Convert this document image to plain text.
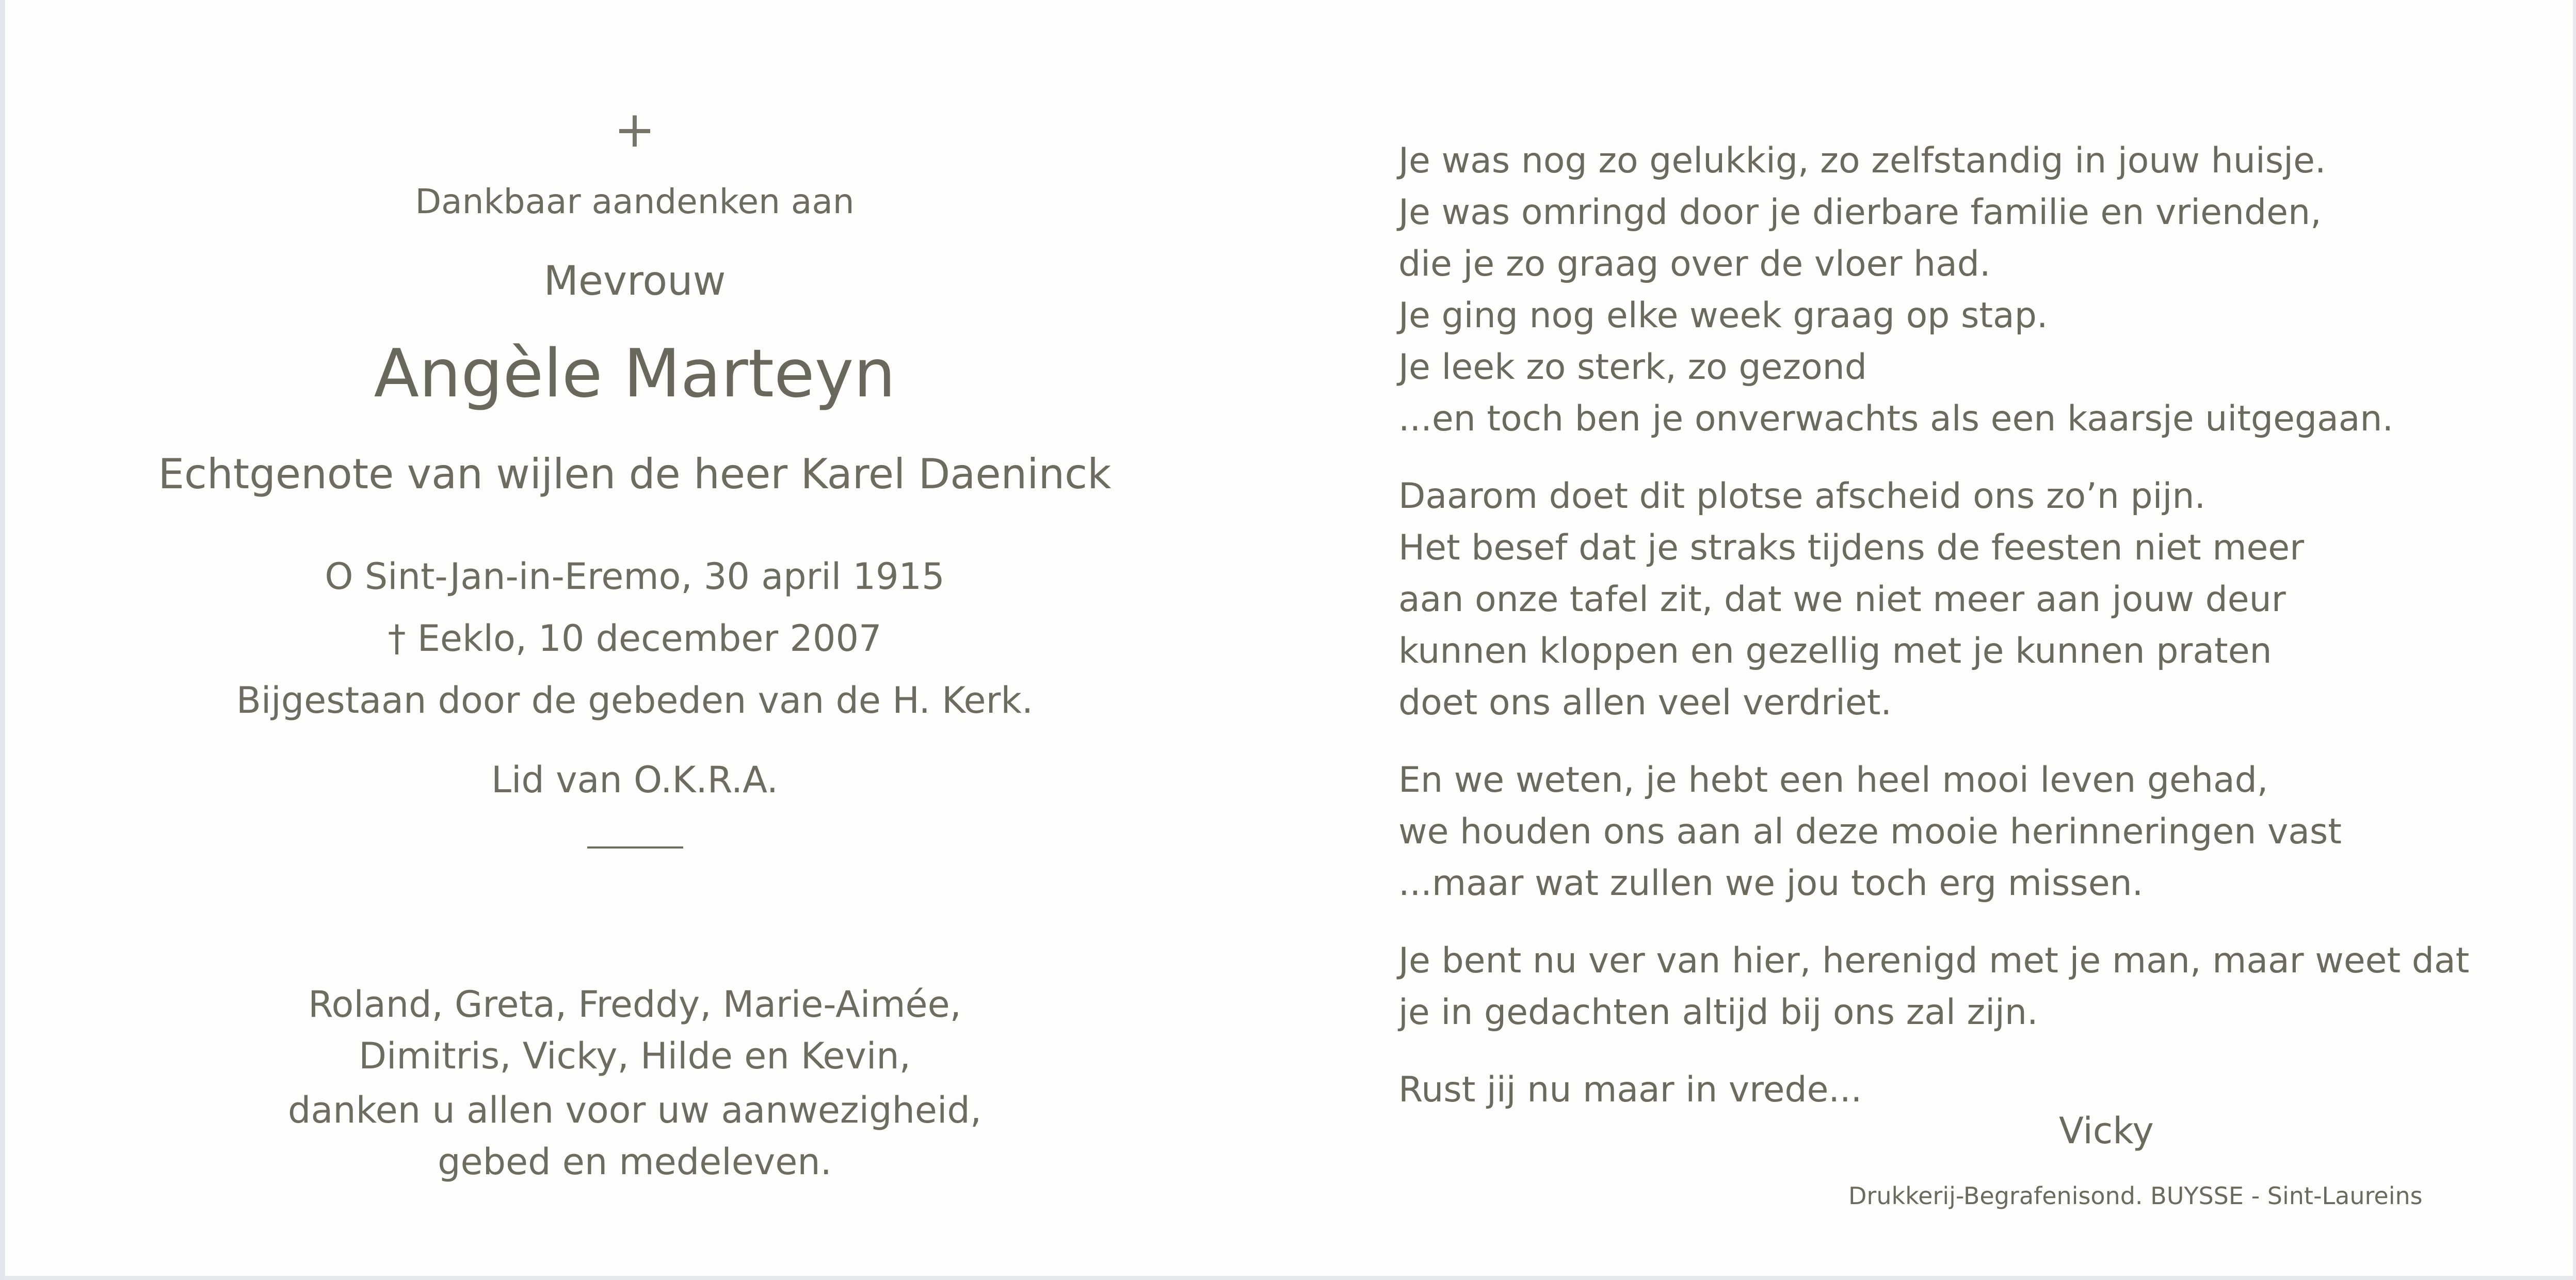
+
Dankbaar aandenken aan
Mevrouw
Angèle Marteyn
Echtgenote van wijlen de heer Karel Daeninck
O Sint-Jan-in-Eremo, 30 april 1915
† Eeklo, 10 december 2007
Bijgestaan door de gebeden van de H. Kerk.
Lid van O.K.R.A.
Roland, Greta, Freddy, Marie-Aimée,
Dimitris, Vicky, Hilde en Kevin,
danken u allen voor uw aanwezigheid,
gebed en medeleven.
Je was nog zo gelukkig, zo zelfstandig in jouw huisje.
Je was omringd door je dierbare familie en vrienden,
die je zo graag over de vloer had.
Je ging nog elke week graag op stap.
Je leek zo sterk, zo gezond
...en toch ben je onverwachts als een kaarsje uitgegaan.
Daarom doet dit plotse afscheid ons zo’n pijn.
Het besef dat je straks tijdens de feesten niet meer
aan onze tafel zit, dat we niet meer aan jouw deur
kunnen kloppen en gezellig met je kunnen praten
doet ons allen veel verdriet.
En we weten, je hebt een heel mooi leven gehad,
we houden ons aan al deze mooie herinneringen vast
...maar wat zullen we jou toch erg missen.
Je bent nu ver van hier, herenigd met je man, maar weet dat
je in gedachten altijd bij ons zal zijn.
Rust jij nu maar in vrede...
Vicky
Drukkerij-Begrafenisond. BUYSSE - Sint-Laureins
